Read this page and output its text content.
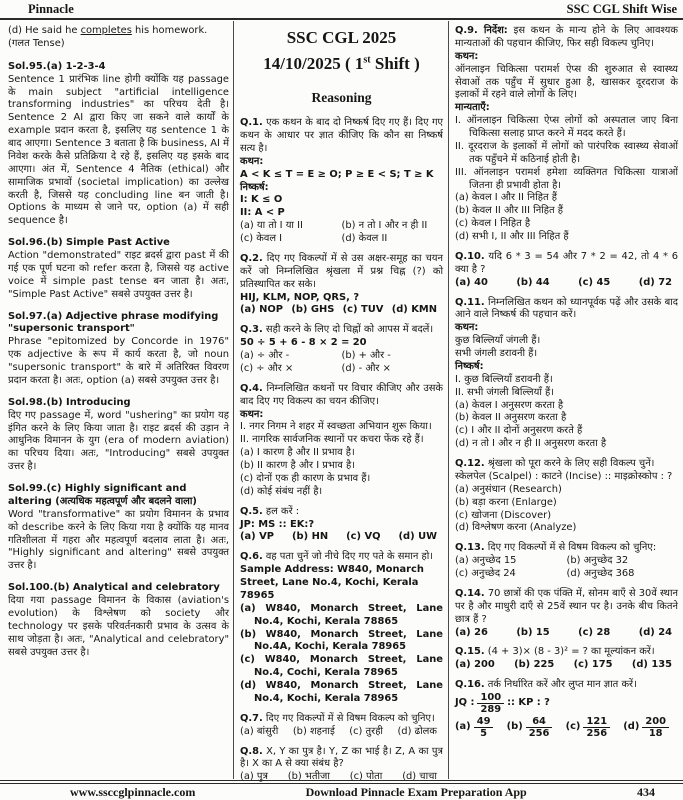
Pinnacle	SSC CGL Shift Wise
(d) He said he completes his homework.
(गलत Tense)
Sol.95.(a) 1-2-3-4
Sentence 1 प्रारंभिक line होगी क्योंकि यह passage के main subject "artificial intelligence transforming industries" का परिचय देती है। Sentence 2 AI द्वारा किए जा सकने वाले कार्यों के example प्रदान करता है, इसलिए यह sentence 1 के बाद आएगा। Sentence 3 बताता है कि business, AI में निवेश करके कैसे प्रतिक्रिया दे रहे हैं, इसलिए यह इसके बाद आएगा। अंत में, Sentence 4 नैतिक (ethical) और सामाजिक प्रभावों (societal implication) का उल्लेख करती है, जिससे यह concluding line बन जाती है। Options के माध्यम से जाने पर, option (a) में सही sequence है।
Sol.96.(b) Simple Past Active
Action "demonstrated" राइट ब्रदर्स द्वारा past में की गई एक पूर्ण घटना को refer करता है, जिससे यह active voice में simple past tense बन जाता है। अतः, "Simple Past Active" सबसे उपयुक्त उत्तर है।
Sol.97.(a) Adjective phrase modifying "supersonic transport"
Phrase "epitomized by Concorde in 1976" एक adjective के रूप में कार्य करता है, जो noun "supersonic transport" के बारे में अतिरिक्त विवरण प्रदान करता है। अतः, option (a) सबसे उपयुक्त उत्तर है।
Sol.98.(b) Introducing
दिए गए passage में, word "ushering" का प्रयोग यह इंगित करने के लिए किया जाता है। राइट ब्रदर्स की उड़ान ने आधुनिक विमानन के युग (era of modern aviation) का परिचय दिया। अतः, "Introducing" सबसे उपयुक्त उत्तर है।
Sol.99.(c) Highly significant and altering (अत्यधिक महत्वपूर्ण और बदलने वाला)
Word "transformative" का प्रयोग विमानन के प्रभाव को describe करने के लिए किया गया है क्योंकि यह मानव गतिशीलता में गहरा और महत्वपूर्ण बदलाव लाता है। अतः, "Highly significant and altering" सबसे उपयुक्त उत्तर है।
Sol.100.(b) Analytical and celebratory
दिया गया passage विमानन के विकास (aviation's evolution) के विश्लेषण को society और technology पर इसके परिवर्तनकारी प्रभाव के उत्सव के साथ जोड़ता है। अतः, "Analytical and celebratory" सबसे उपयुक्त उत्तर है।
SSC CGL 2025
14/10/2025 ( 1st Shift )
Reasoning
Q.1. एक कथन के बाद दो निष्कर्ष दिए गए हैं। दिए गए कथन के आधार पर ज्ञात कीजिए कि कौन सा निष्कर्ष सत्य है।
कथन:
A < K ≤ T = E ≥ O; P ≥ E < S; T ≥ K
निष्कर्ष:
I: K ≤ O
II: A < P
(a) या तो I या II	(b) न तो I और न ही II
(c) केवल I	(d) केवल II
Q.2. दिए गए विकल्पों में से उस अक्षर-समूह का चयन करें जो निम्नलिखित श्रृंखला में प्रश्न चिह्न (?) को प्रतिस्थापित कर सके।
HIJ, KLM, NOP, QRS, ?
(a) NOP (b) GHS (c) TUV (d) KMN
Q.3. सही करने के लिए दो चिह्नों को आपस में बदलें।
50 ÷ 5 + 6 - 8 × 2 = 20
(a) ÷ और -	(b) + और -
(c) ÷ और ×	(d) - और ×
Q.4. निम्नलिखित कथनों पर विचार कीजिए और उसके बाद दिए गए विकल्प का चयन कीजिए।
कथन:
I. नगर निगम ने शहर में स्वच्छता अभियान शुरू किया।
II. नागरिक सार्वजनिक स्थानों पर कचरा फेंक रहे हैं।
(a) I कारण है और II प्रभाव है।
(b) II कारण है और I प्रभाव है।
(c) दोनों एक ही कारण के प्रभाव हैं।
(d) कोई संबंध नहीं है।
Q.5. हल करें :
JP: MS :: EK:?
(a) VP (b) HN (c) VQ (d) UW
Q.6. वह पता चुनें जो नीचे दिए गए पते के समान हो।
Sample Address: W840, Monarch Street, Lane No.4, Kochi, Kerala 78965
(a) W840, Monarch Street, Lane No.4, Kochi, Kerala 78865
(b) W840, Monarch Street, Lane No.4A, Kochi, Kerala 78965
(c) W840, Monarch Street, Lane No.4, Cochi, Kerala 78965
(d) W840, Monarch Street, Lane No.4, Kochi, Kerala 78965
Q.7. दिए गए विकल्पों में से विषम विकल्प को चुनिए।
(a) बांसुरी (b) शहनाई (c) तुरही (d) ढोलक
Q.8. X, Y का पुत्र है। Y, Z का भाई है। Z, A का पुत्र है। X का A से क्या संबंध है?
(a) पुत्र (b) भतीजा (c) पोता (d) चाचा
Q.9. निर्देश: इस कथन के मान्य होने के लिए आवश्यक मान्यताओं की पहचान कीजिए, फिर सही विकल्प चुनिए।
कथन:
ऑनलाइन चिकित्सा परामर्श ऐप्स की शुरुआत से स्वास्थ्य सेवाओं तक पहुँच में सुधार हुआ है, खासकर दूरदराज के इलाकों में रहने वाले लोगों के लिए।
मान्यताएँ:
I. ऑनलाइन चिकित्सा ऐप्स लोगों को अस्पताल जाए बिना चिकित्सा सलाह प्राप्त करने में मदद करते हैं।
II. दूरदराज के इलाकों में लोगों को पारंपरिक स्वास्थ्य सेवाओं तक पहुँचने में कठिनाई होती है।
III. ऑनलाइन परामर्श हमेशा व्यक्तिगत चिकित्सा यात्राओं जितना ही प्रभावी होता है।
(a) केवल I और II निहित हैं
(b) केवल II और III निहित हैं
(c) केवल I निहित है
(d) सभी I, II और III निहित हैं
Q.10. यदि 6 * 3 = 54 और 7 * 2 = 42, तो 4 * 6 क्या है ?
(a) 40	(b) 44	(c) 45	(d) 72
Q.11. निम्नलिखित कथन को ध्यानपूर्वक पढ़ें और उसके बाद आने वाले निष्कर्ष की पहचान करें।
कथन:
कुछ बिल्लियाँ जंगली हैं।
सभी जंगली डरावनी हैं।
निष्कर्ष:
I. कुछ बिल्लियाँ डरावनी हैं।
II. सभी जंगली बिल्लियाँ हैं।
(a) केवल I अनुसरण करता है
(b) केवल II अनुसरण करता है
(c) I और II दोनों अनुसरण करते हैं
(d) न तो I और न ही II अनुसरण करता है
Q.12. श्रृंखला को पूरा करने के लिए सही विकल्प चुनें।
स्केलपेल (Scalpel) : काटने (Incise) :: माइक्रोस्कोप : ?
(a) अनुसंधान (Research)
(b) बड़ा करना (Enlarge)
(c) खोजना (Discover)
(d) विश्लेषण करना (Analyze)
Q.13. दिए गए विकल्पों में से विषम विकल्प को चुनिए:
(a) अनुच्छेद 15	(b) अनुच्छेद 32
(c) अनुच्छेद 24	(d) अनुच्छेद 368
Q.14. 70 छात्रों की एक पंक्ति में, सोनम बाएँ से 30वें स्थान पर है और माधुरी दाएँ से 25वें स्थान पर है। उनके बीच कितने छात्र हैं ?
(a) 26	(b) 15	(c) 28	(d) 24
Q.15. (4 + 3)× (8 - 3)² = ? का मूल्यांकन करें।
(a) 200 (b) 225 (c) 175 (d) 135
Q.16. तर्क निर्धारित करें और लुप्त मान ज्ञात करें।
JQ : $\frac{100}{289}$ :: KP : ?
$(a) \frac{49}{5} (b) \frac{64}{256} (c) \frac{121}{256} (d) \frac{200}{18}$
www.ssccglpinnacle.com	Download Pinnacle Exam Preparation App	434
